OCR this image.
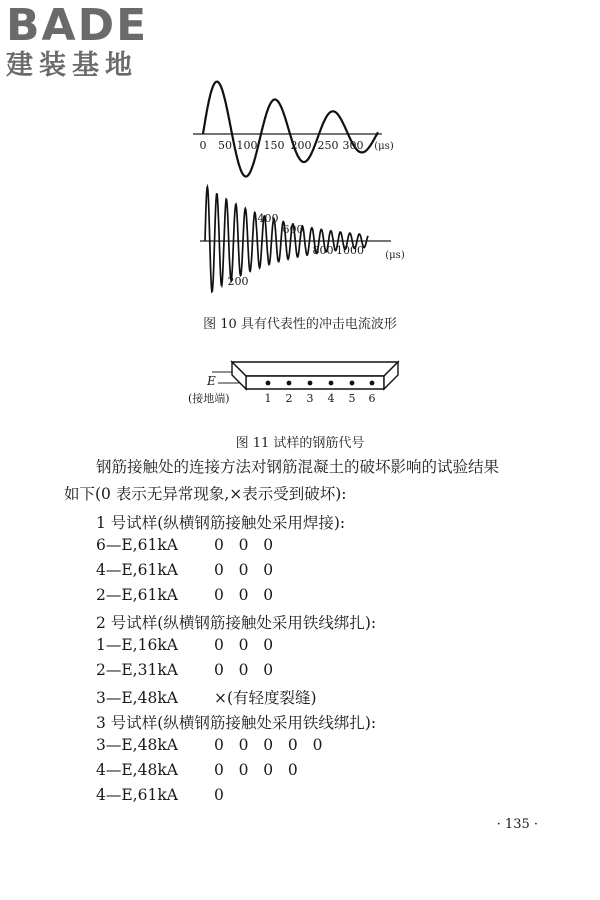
BADE
建装基地
0 50 100 150 200 250 300 (μs)
400
600
800 1000
200
(μs)
E
(接地端)	1 2 3 4 5 6
图 10 具有代表性的冲击电流波形
图 11 试样的钢筋代号
钢筋接触处的连接方法对钢筋混凝土的破坏影响的试验结果
如下(0 表示无异常现象,×表示受到破坏):
1 号试样(纵横钢筋接触处采用焊接):
6—E,61kA 0   0   0
4—E,61kA 0   0   0
2—E,61kA 0   0   0
2 号试样(纵横钢筋接触处采用铁线绑扎):
1—E,16kA 0   0   0
2—E,31kA 0   0   0
3—E,48kA ×(有轻度裂缝)
3 号试样(纵横钢筋接触处采用铁线绑扎):
3—E,48kA 0   0   0   0   0
4—E,48kA 0   0   0   0
4—E,61kA 0
· 135 ·
